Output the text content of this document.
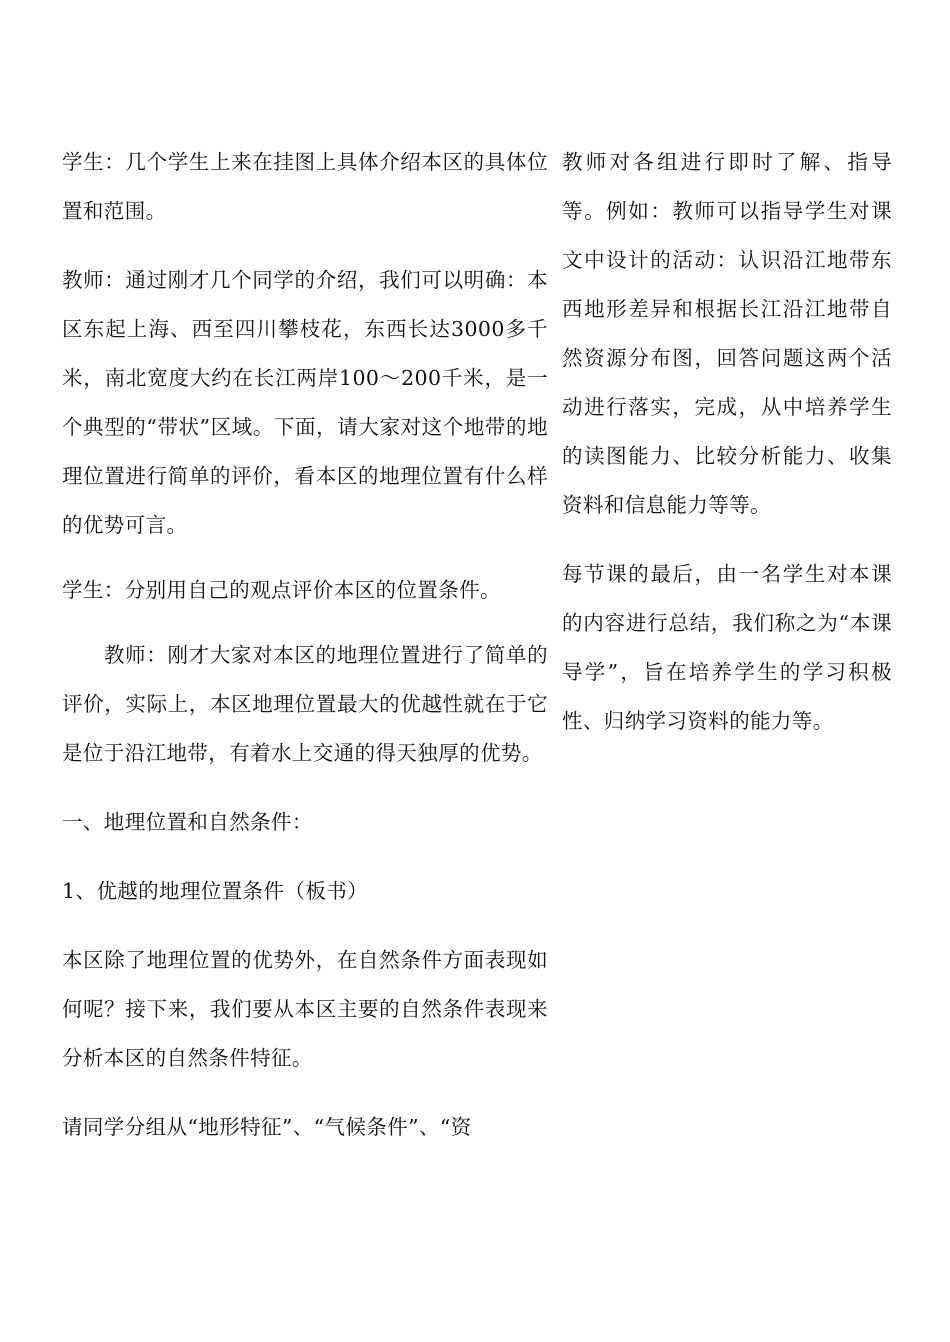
学生：几个学生上来在挂图上具体介绍本区的具体位置和范围。

教师：通过刚才几个同学的介绍，我们可以明确：本区东起上海、西至四川攀枝花，东西长达3000多千米，南北宽度大约在长江两岸100～200千米，是一个典型的“带状”区域。下面，请大家对这个地带的地理位置进行简单的评价，看本区的地理位置有什么样的优势可言。

学生：分别用自己的观点评价本区的位置条件。

教师：刚才大家对本区的地理位置进行了简单的评价，实际上，本区地理位置最大的优越性就在于它是位于沿江地带，有着水上交通的得天独厚的优势。

一、地理位置和自然条件：

1、优越的地理位置条件（板书）

本区除了地理位置的优势外，在自然条件方面表现如何呢？接下来，我们要从本区主要的自然条件表现来分析本区的自然条件特征。

请同学分组从“地形特征”、“气候条件”、“资

教师对各组进行即时了解、指导等。例如：教师可以指导学生对课文中设计的活动：认识沿江地带东西地形差异和根据长江沿江地带自然资源分布图，回答问题这两个活动进行落实，完成，从中培养学生的读图能力、比较分析能力、收集资料和信息能力等等。

每节课的最后，由一名学生对本课的内容进行总结，我们称之为“本课导学”，旨在培养学生的学习积极性、归纳学习资料的能力等。
